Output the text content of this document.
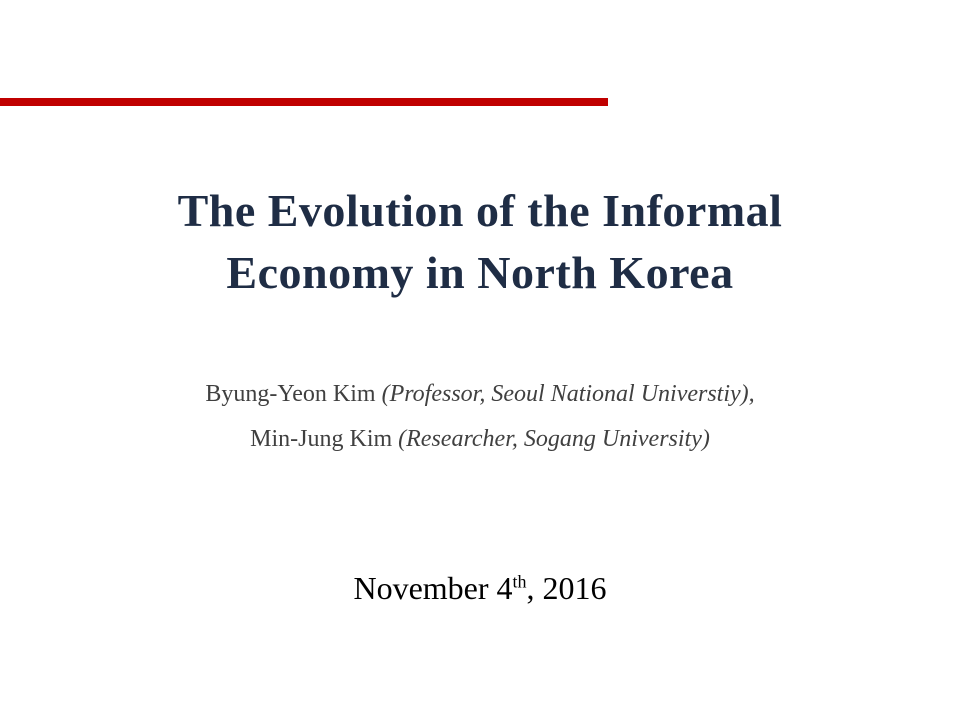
The Evolution of the Informal
Economy in North Korea
Byung-Yeon Kim (Professor, Seoul National Universtiy),
Min-Jung Kim (Researcher, Sogang University)
November 4th, 2016
